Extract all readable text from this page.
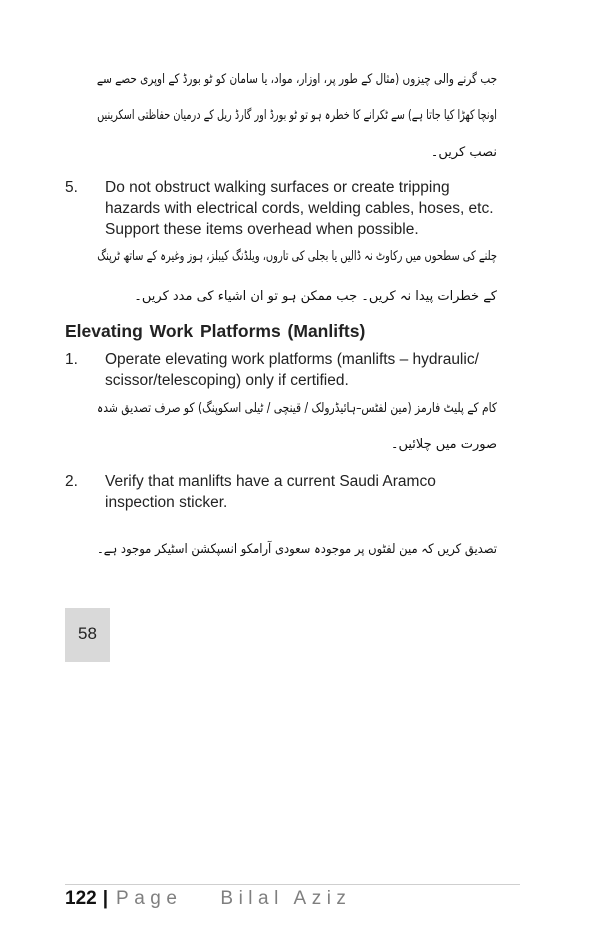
جب گرنے والی چیزوں (مثال کے طور پر، اوزار، مواد، یا سامان کو ٹو بورڈ کے اوپری حصے سے
اونچا کھڑا کیا جاتا ہے) سے ٹکرانے کا خطرہ ہو تو ٹو بورڈ اور گارڈ ریل کے درمیان حفاظتی اسکرینیں
نصب کریں۔
5. Do not obstruct walking surfaces or create tripping
hazards with electrical cords, welding cables, hoses, etc.
Support these items overhead when possible.
چلنے کی سطحوں میں رکاوٹ نہ ڈالیں یا بجلی کی تاروں، ویلڈنگ کیبلز، ہوز وغیرہ کے ساتھ ٹرپنگ
کے خطرات پیدا نہ کریں۔ جب ممکن ہو تو ان اشیاء کی مدد کریں۔
Elevating Work Platforms (Manlifts)
1. Operate elevating work platforms (manlifts – hydraulic/
scissor/telescoping) only if certified.
کام کے پلیٹ فارمز (مین لفٹس–ہائیڈرولک / قینچی / ٹیلی اسکوپنگ) کو صرف تصدیق شدہ
صورت میں چلائیں۔
2. Verify that manlifts have a current Saudi Aramco
inspection sticker.
تصدیق کریں کہ مین لفٹوں پر موجودہ سعودی آرامکو انسپکشن اسٹیکر موجود ہے۔
58
122 | Page Bilal Aziz
